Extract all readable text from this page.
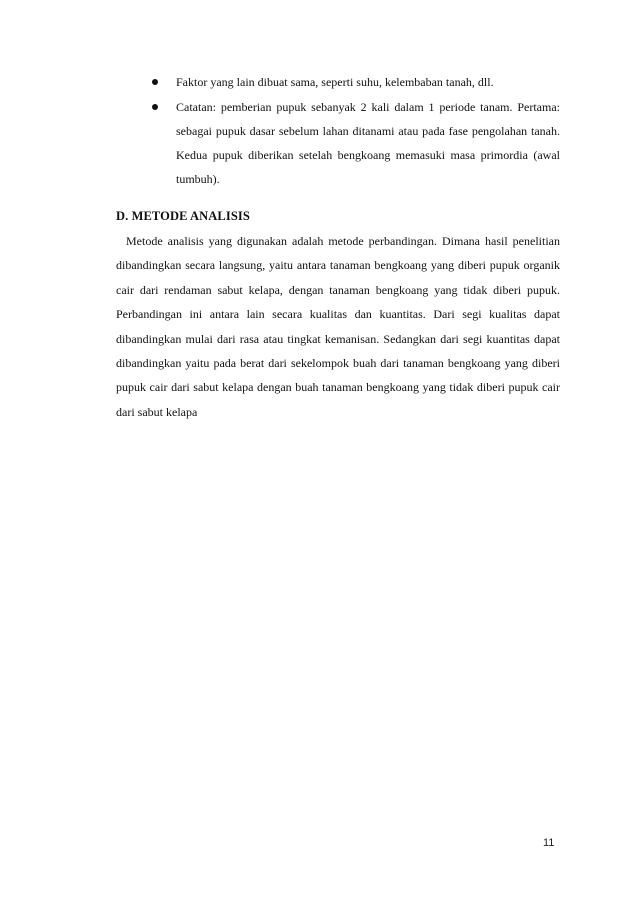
Faktor yang lain dibuat sama, seperti suhu, kelembaban tanah, dll.
Catatan: pemberian pupuk sebanyak 2 kali dalam 1 periode tanam. Pertama: sebagai pupuk dasar sebelum lahan ditanami atau pada fase pengolahan tanah. Kedua pupuk diberikan setelah bengkoang memasuki masa primordia (awal tumbuh).
D. METODE ANALISIS

Metode analisis yang digunakan adalah metode perbandingan. Dimana hasil penelitian dibandingkan secara langsung, yaitu antara tanaman bengkoang yang diberi pupuk organik cair dari rendaman sabut kelapa, dengan tanaman bengkoang yang tidak diberi pupuk. Perbandingan ini antara lain secara kualitas dan kuantitas. Dari segi kualitas dapat dibandingkan mulai dari rasa atau tingkat kemanisan. Sedangkan dari segi kuantitas dapat dibandingkan yaitu pada berat dari sekelompok buah dari tanaman bengkoang yang diberi pupuk cair dari sabut kelapa dengan buah tanaman bengkoang yang tidak diberi pupuk cair dari sabut kelapa

11
